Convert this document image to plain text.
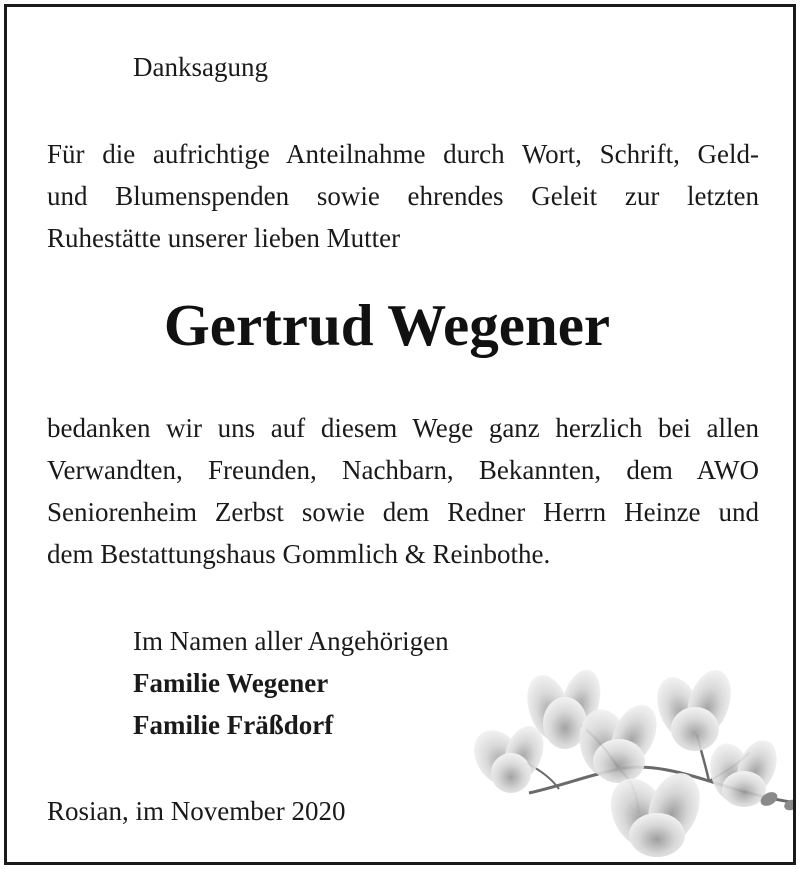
Danksagung

Für die aufrichtige Anteilnahme durch Wort, Schrift, Geld-
und Blumenspenden sowie ehrendes Geleit zur letzten
Ruhestätte unserer lieben Mutter

Gertrud Wegener

bedanken wir uns auf diesem Wege ganz herzlich bei allen
Verwandten, Freunden, Nachbarn, Bekannten, dem AWO
Seniorenheim Zerbst sowie dem Redner Herrn Heinze und
dem Bestattungshaus Gommlich & Reinbothe.

Im Namen aller Angehörigen

Familie Wegener

Familie Fräßdorf

Rosian, im November 2020
